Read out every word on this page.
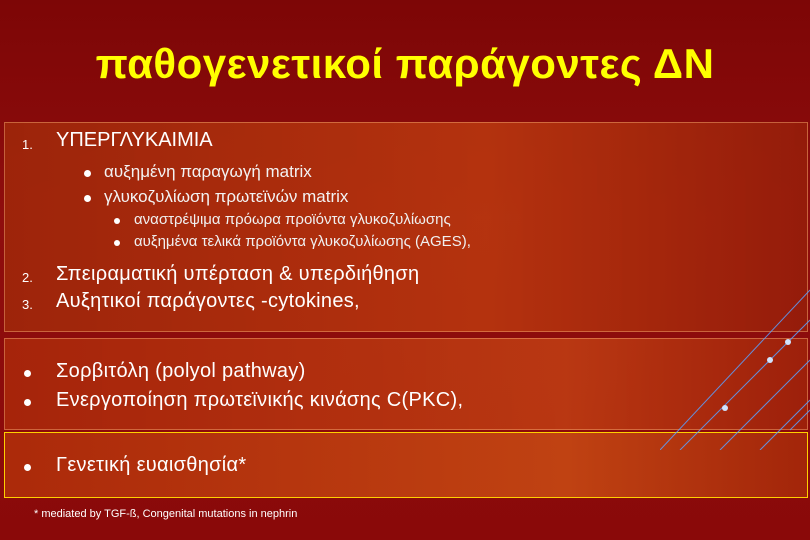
παθογενετικοί παράγοντες ΔΝ
1. ΥΠΕΡΓΛΥΚΑΙΜΙΑ
αυξημένη παραγωγή matrix
γλυκοζυλίωση πρωτεϊνών matrix
αναστρέψιμα πρόωρα προϊόντα γλυκοζυλίωσης
αυξημένα τελικά προϊόντα γλυκοζυλίωσης (AGES),
2. Σπειραματική υπέρταση & υπερδιήθηση
3. Αυξητικοί παράγοντες -cytokines,
Σορβιτόλη (polyol pathway)
Ενεργοποίηση πρωτεϊνικής κινάσης C(PKC),
Γενετική ευαισθησία*
* mediated by TGF-ß, Congenital mutations in nephrin
